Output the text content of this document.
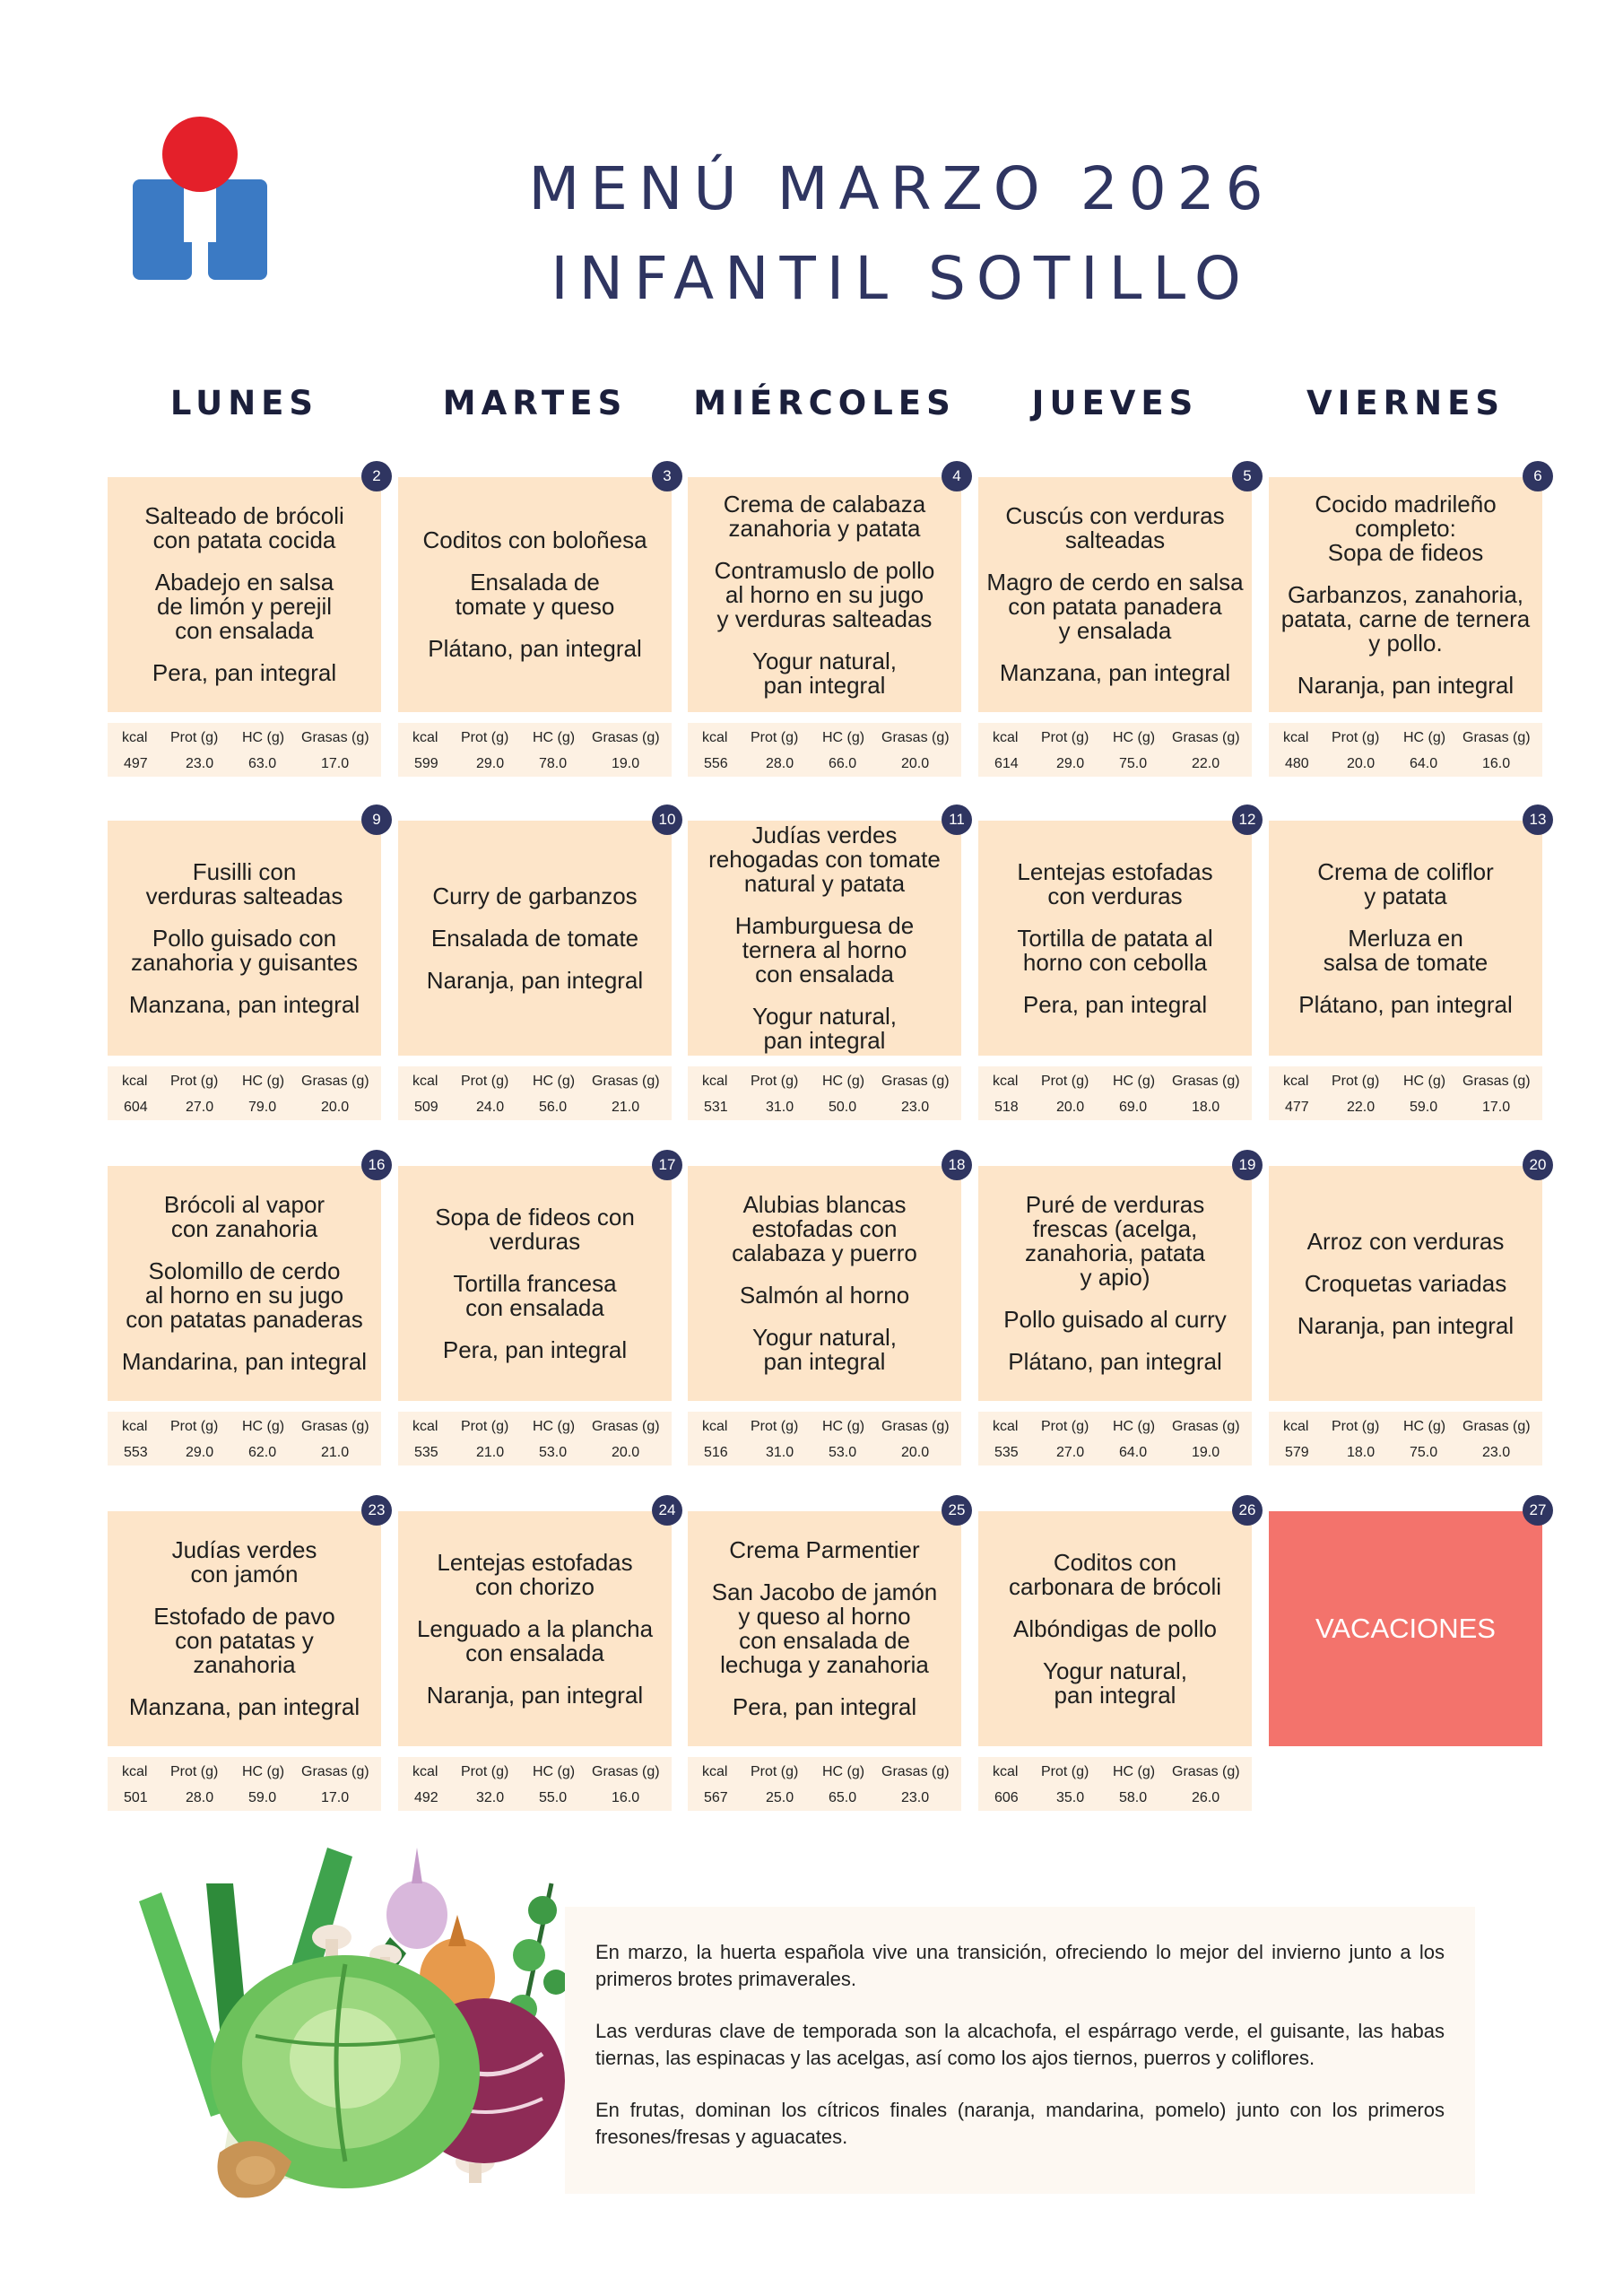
MENÚ MARZO 2026
INFANTIL SOTILLO
LUNES	MARTES	MIÉRCOLES	JUEVES	VIERNES
Salteado de brócoli
con patata cocida
Abadejo en salsa
de limón y perejil
con ensalada
Pera, pan integral
kcal Prot (g) HC (g) Grasas (g)
497	23.0 63.0	17.0
2
Coditos con boloñesa
Ensalada de
tomate y queso
Plátano, pan integral
kcal Prot (g) HC (g) Grasas (g)
599	29.0 78.0	19.0
3
Crema de calabaza
zanahoria y patata
Contramuslo de pollo
al horno en su jugo
y verduras salteadas
Yogur natural,
pan integral
kcal Prot (g) HC (g) Grasas (g)
556	28.0 66.0	20.0
4
Cuscús con verduras
salteadas
Magro de cerdo en salsa
con patata panadera
y ensalada
Manzana, pan integral
kcal Prot (g) HC (g) Grasas (g)
614	29.0 75.0	22.0
5
Cocido madrileño
completo:
Sopa de fideos
Garbanzos, zanahoria,
patata, carne de ternera
y pollo.
Naranja, pan integral
kcal Prot (g) HC (g) Grasas (g)
480	20.0 64.0	16.0
6
Fusilli con
verduras salteadas
Pollo guisado con
zanahoria y guisantes
Manzana, pan integral
kcal Prot (g) HC (g) Grasas (g)
604	27.0 79.0	20.0
9
Curry de garbanzos
Ensalada de tomate
Naranja, pan integral
kcal Prot (g) HC (g) Grasas (g)
509	24.0 56.0	21.0
10
Judías verdes
rehogadas con tomate
natural y patata
Hamburguesa de
ternera al horno
con ensalada
Yogur natural,
pan integral
kcal Prot (g) HC (g) Grasas (g)
531	31.0 50.0	23.0
11
Lentejas estofadas
con verduras
Tortilla de patata al
horno con cebolla
Pera, pan integral
kcal Prot (g) HC (g) Grasas (g)
518	20.0 69.0	18.0
12
Crema de coliflor
y patata
Merluza en
salsa de tomate
Plátano, pan integral
kcal Prot (g) HC (g) Grasas (g)
477	22.0 59.0	17.0
13
Brócoli al vapor
con zanahoria
Solomillo de cerdo
al horno en su jugo
con patatas panaderas
Mandarina, pan integral
kcal Prot (g) HC (g) Grasas (g)
553	29.0 62.0	21.0
16
Sopa de fideos con
verduras
Tortilla francesa
con ensalada
Pera, pan integral
kcal Prot (g) HC (g) Grasas (g)
535	21.0 53.0	20.0
17
Alubias blancas
estofadas con
calabaza y puerro
Salmón al horno
Yogur natural,
pan integral
kcal Prot (g) HC (g) Grasas (g)
516	31.0 53.0	20.0
18
Puré de verduras
frescas (acelga,
zanahoria, patata
y apio)
Pollo guisado al curry
Plátano, pan integral
kcal Prot (g) HC (g) Grasas (g)
535	27.0 64.0	19.0
19
Arroz con verduras
Croquetas variadas
Naranja, pan integral
kcal Prot (g) HC (g) Grasas (g)
579	18.0 75.0	23.0
20
Judías verdes
con jamón
Estofado de pavo
con patatas y
zanahoria
Manzana, pan integral
kcal Prot (g) HC (g) Grasas (g)
501	28.0 59.0	17.0
23
Lentejas estofadas
con chorizo
Lenguado a la plancha
con ensalada
Naranja, pan integral
kcal Prot (g) HC (g) Grasas (g)
492	32.0 55.0	16.0
24
Crema Parmentier
San Jacobo de jamón
y queso al horno
con ensalada de
lechuga y zanahoria
Pera, pan integral
kcal Prot (g) HC (g) Grasas (g)
567	25.0 65.0	23.0
25
Coditos con
carbonara de brócoli
Albóndigas de pollo
Yogur natural,
pan integral
kcal Prot (g) HC (g) Grasas (g)
606	35.0 58.0	26.0
26
VACACIONES
27

En marzo, la huerta española vive una transición, ofreciendo lo mejor del invierno junto a los primeros brotes primaverales.

Las verduras clave de temporada son la alcachofa, el espárrago verde, el guisante, las habas tiernas, las espinacas y las acelgas, así como los ajos tiernos, puerros y coliflores.

En frutas, dominan los cítricos finales (naranja, mandarina, pomelo) junto con los primeros fresones/fresas y aguacates.
